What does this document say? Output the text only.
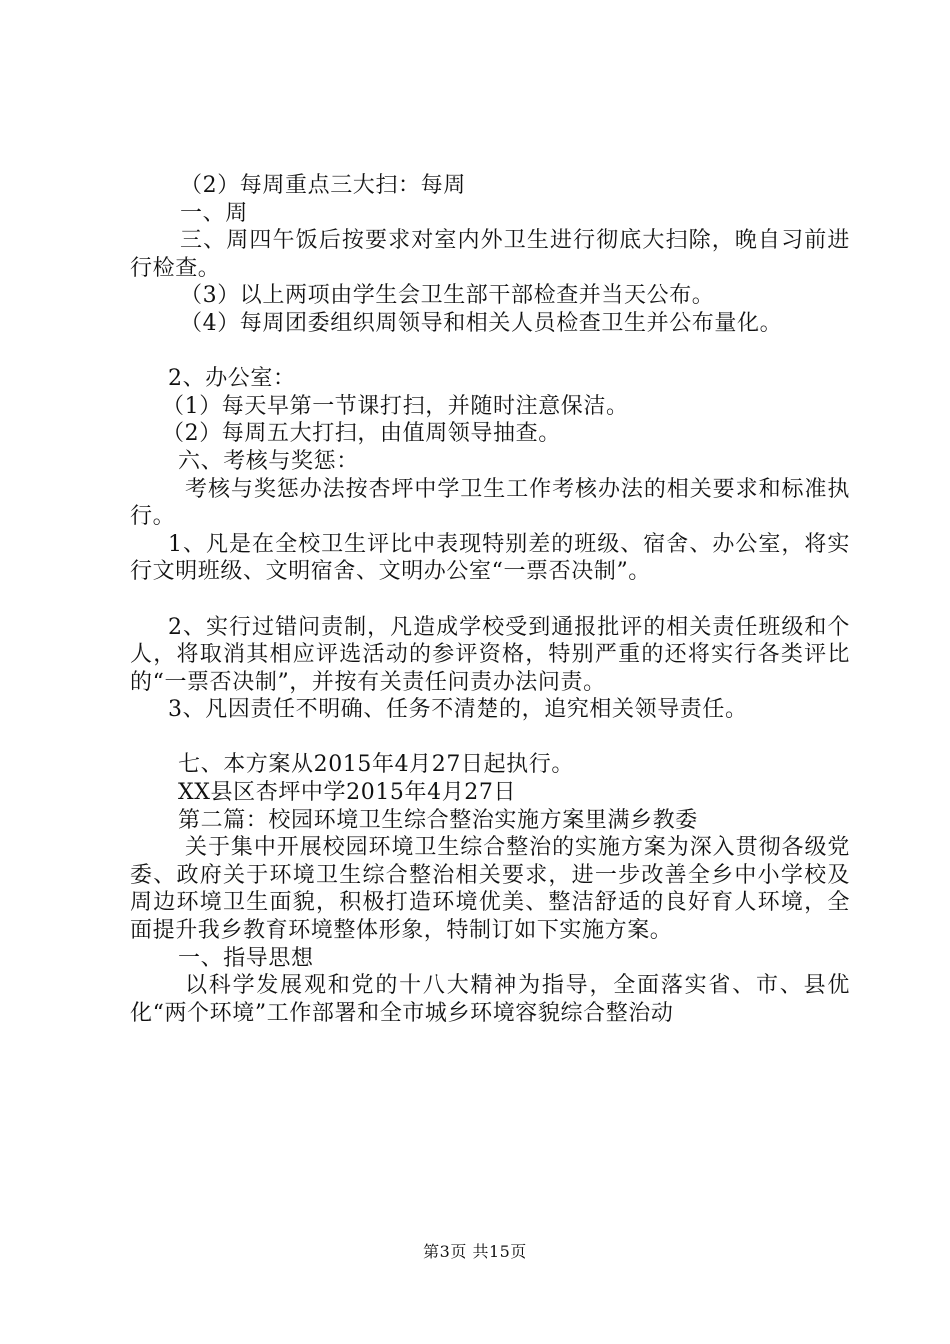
（2）每周重点三大扫：每周

一、周

三、周四午饭后按要求对室内外卫生进行彻底大扫除，晚自习前进行检查。

（3）以上两项由学生会卫生部干部检查并当天公布。

（4）每周团委组织周领导和相关人员检查卫生并公布量化。

2、办公室：

（1）每天早第一节课打扫，并随时注意保洁。

（2）每周五大打扫，由值周领导抽查。

六、考核与奖惩：

考核与奖惩办法按杏坪中学卫生工作考核办法的相关要求和标准执行。

1、凡是在全校卫生评比中表现特别差的班级、宿舍、办公室，将实行文明班级、文明宿舍、文明办公室“一票否决制”。

2、实行过错问责制，凡造成学校受到通报批评的相关责任班级和个人，将取消其相应评选活动的参评资格，特别严重的还将实行各类评比的“一票否决制”，并按有关责任问责办法问责。

3、凡因责任不明确、任务不清楚的，追究相关领导责任。

七、本方案从2015年4月27日起执行。

XX县区杏坪中学2015年4月27日

第二篇：校园环境卫生综合整治实施方案里满乡教委

关于集中开展校园环境卫生综合整治的实施方案为深入贯彻各级党委、政府关于环境卫生综合整治相关要求，进一步改善全乡中小学校及周边环境卫生面貌，积极打造环境优美、整洁舒适的良好育人环境，全面提升我乡教育环境整体形象，特制订如下实施方案。

一、指导思想

以科学发展观和党的十八大精神为指导，全面落实省、市、县优化“两个环境”工作部署和全市城乡环境容貌综合整治动

第3页 共15页
